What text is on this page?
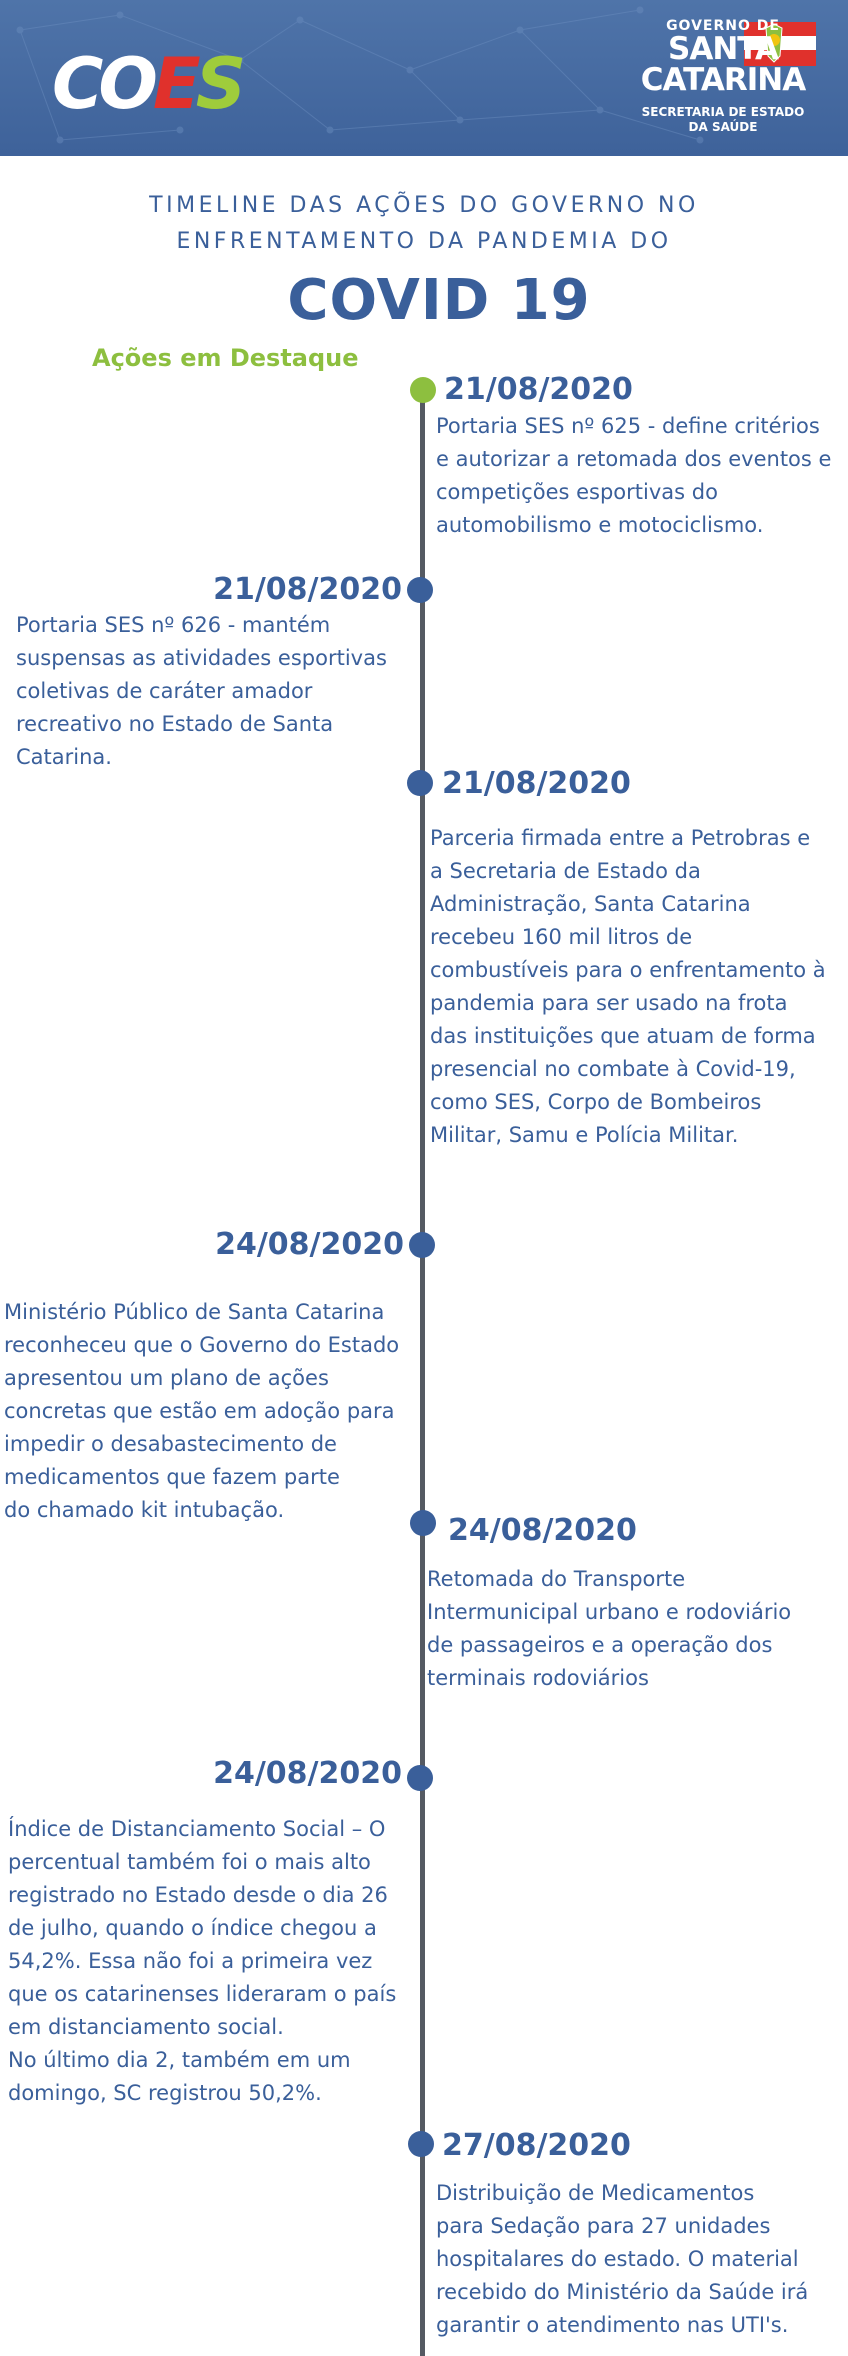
COES
GOVERNO DE
SANTA
CATARINA
SECRETARIA DE ESTADO
DA SAÚDE
TIMELINE DAS AÇÕES DO GOVERNO NO
ENFRENTAMENTO DA PANDEMIA DO
COVID 19
Ações em Destaque
21/08/2020
Portaria SES nº 625 - define critérios
e autorizar a retomada dos eventos e
competições esportivas do
automobilismo e motociclismo.
21/08/2020
Portaria SES nº 626 - mantém
suspensas as atividades esportivas
coletivas de caráter amador
recreativo no Estado de Santa
Catarina.
21/08/2020
Parceria firmada entre a Petrobras e
a Secretaria de Estado da
Administração, Santa Catarina
recebeu 160 mil litros de
combustíveis para o enfrentamento à
pandemia para ser usado na frota
das instituições que atuam de forma
presencial no combate à Covid-19,
como SES, Corpo de Bombeiros
Militar, Samu e Polícia Militar.
24/08/2020
Ministério Público de Santa Catarina
reconheceu que o Governo do Estado
apresentou um plano de ações
concretas que estão em adoção para
impedir o desabastecimento de
medicamentos que fazem parte
do chamado kit intubação.
24/08/2020
Retomada do Transporte
Intermunicipal urbano e rodoviário
de passageiros e a operação dos
terminais rodoviários
24/08/2020
Índice de Distanciamento Social – O
percentual também foi o mais alto
registrado no Estado desde o dia 26
de julho, quando o índice chegou a
54,2%. Essa não foi a primeira vez
que os catarinenses lideraram o país
em distanciamento social.
No último dia 2, também em um
domingo, SC registrou 50,2%.
27/08/2020
Distribuição de Medicamentos
para Sedação para 27 unidades
hospitalares do estado. O material
recebido do Ministério da Saúde irá
garantir o atendimento nas UTI's.
